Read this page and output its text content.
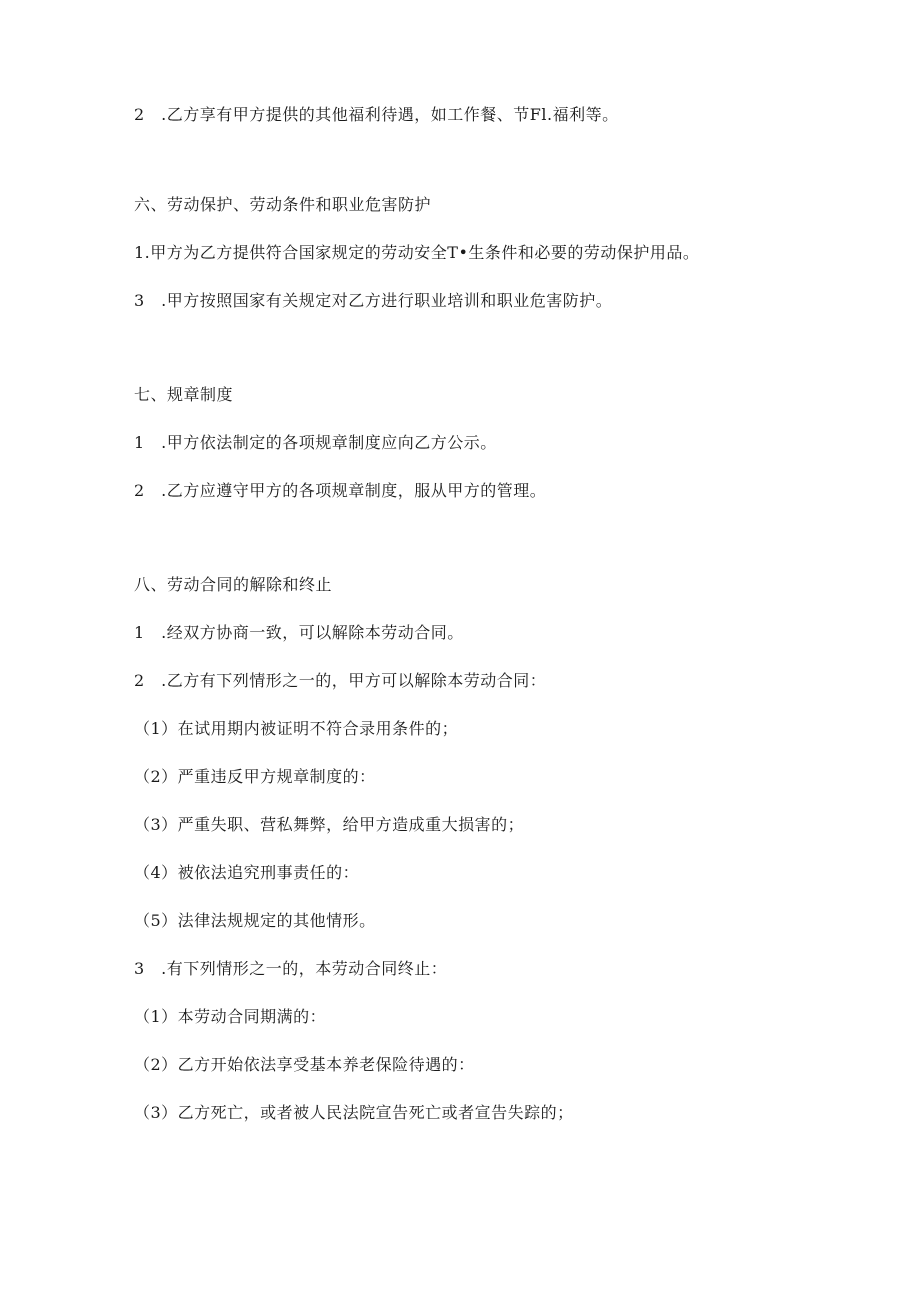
2　.乙方享有甲方提供的其他福利待遇，如工作餐、节Fl.福利等。
六、劳动保护、劳动条件和职业危害防护
1.甲方为乙方提供符合国家规定的劳动安全T•生条件和必要的劳动保护用品。
3　.甲方按照国家有关规定对乙方进行职业培训和职业危害防护。
七、规章制度
1　.甲方依法制定的各项规章制度应向乙方公示。
2　.乙方应遵守甲方的各项规章制度，服从甲方的管理。
八、劳动合同的解除和终止
1　.经双方协商一致，可以解除本劳动合同。
2　.乙方有下列情形之一的，甲方可以解除本劳动合同：
（1）在试用期内被证明不符合录用条件的；
（2）严重违反甲方规章制度的：
（3）严重失职、营私舞弊，给甲方造成重大损害的；
（4）被依法追究刑事责任的：
（5）法律法规规定的其他情形。
3　.有下列情形之一的，本劳动合同终止：
（1）本劳动合同期满的：
（2）乙方开始依法享受基本养老保险待遇的：
（3）乙方死亡，或者被人民法院宣告死亡或者宣告失踪的；
